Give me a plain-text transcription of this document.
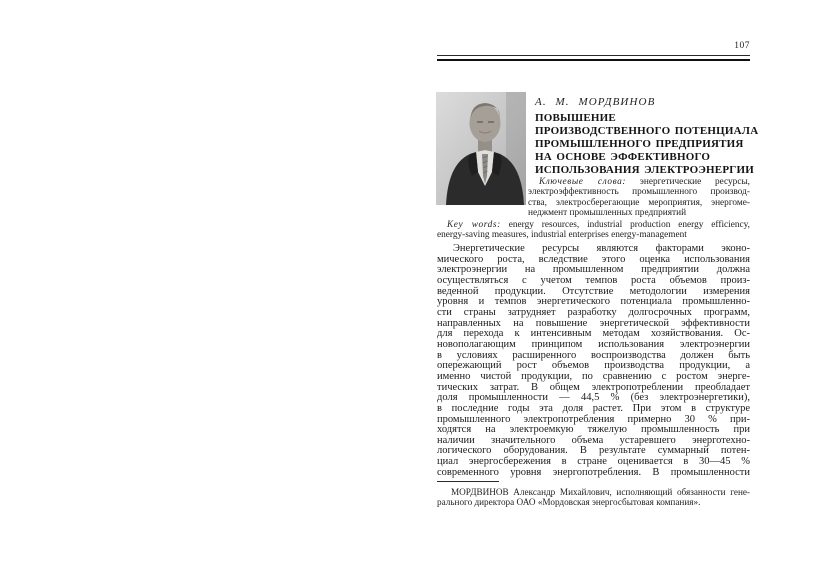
107
А. М. МОРДВИНОВ
ПОВЫШЕНИЕ
ПРОИЗВОДСТВЕННОГО ПОТЕНЦИАЛА
ПРОМЫШЛЕННОГО ПРЕДПРИЯТИЯ
НА ОСНОВЕ ЭФФЕКТИВНОГО
ИСПОЛЬЗОВАНИЯ ЭЛЕКТРОЭНЕРГИИ
Ключевые слова: энергетические ресурсы,
электроэффективность промышленного производ-
ства, электросберегающие мероприятия, энергоме-
неджмент промышленных предприятий
Key words: energy resources, industrial production energy efficiency,
energy-saving measures, industrial enterprises energy-management
Энергетические ресурсы являются факторами эконо-
мического роста, вследствие этого оценка использования
электроэнергии на промышленном предприятии должна
осуществляться с учетом темпов роста объемов произ-
веденной продукции. Отсутствие методологии измерения
уровня и темпов энергетического потенциала промышленно-
сти страны затрудняет разработку долгосрочных программ,
направленных на повышение энергетической эффективности
для перехода к интенсивным методам хозяйствования. Ос-
новополагающим принципом использования электроэнергии
в условиях расширенного воспроизводства должен быть
опережающий рост объемов производства продукции, а
именно чистой продукции, по сравнению с ростом энерге-
тических затрат. В общем электропотреблении преобладает
доля промышленности — 44,5 % (без электроэнергетики),
в последние годы эта доля растет. При этом в структуре
промышленного электропотребления примерно 30 % при-
ходятся на электроемкую тяжелую промышленность при
наличии значительного объема устаревшего энерготехно-
логического оборудования. В результате суммарный потен-
циал энергосбережения в стране оценивается в 30—45 %
современного уровня энергопотребления. В промышленности
МОРДВИНОВ Александр Михайлович, исполняющий обязанности гене-
рального директора ОАО «Мордовская энергосбытовая компания».
